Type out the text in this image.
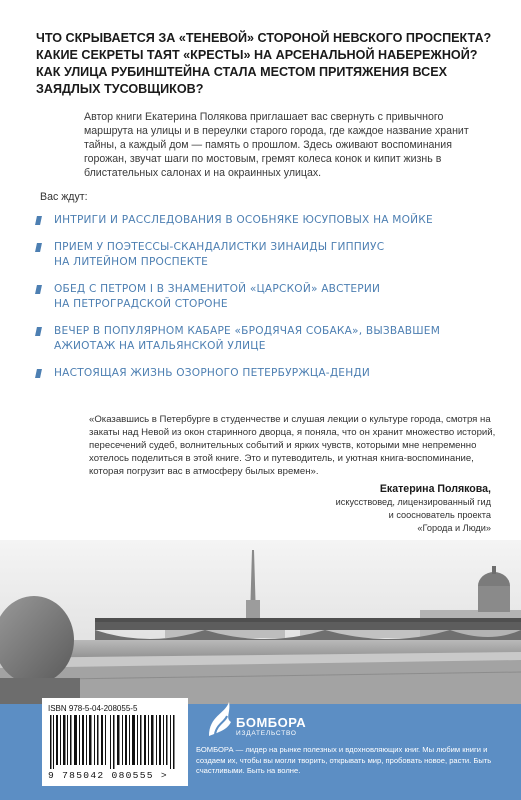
ЧТО СКРЫВАЕТСЯ ЗА «ТЕНЕВОЙ» СТОРОНОЙ НЕВСКОГО ПРОСПЕКТА?
КАКИЕ СЕКРЕТЫ ТАЯТ «КРЕСТЫ» НА АРСЕНАЛЬНОЙ НАБЕРЕЖНОЙ?
КАК УЛИЦА РУБИНШТЕЙНА СТАЛА МЕСТОМ ПРИТЯЖЕНИЯ ВСЕХ
ЗАЯДЛЫХ ТУСОВЩИКОВ?

Автор книги Екатерина Полякова приглашает вас свернуть с привычного маршрута на улицы и в переулки старого города, где каждое название хранит тайны, а каждый дом — память о прошлом. Здесь оживают воспоминания горожан, звучат шаги по мостовым, гремят колеса конок и кипит жизнь в блистательных салонах и на окраинных улицах.

Вас ждут:
ИНТРИГИ И РАССЛЕДОВАНИЯ В ОСОБНЯКЕ ЮСУПОВЫХ НА МОЙКЕ
ПРИЕМ У ПОЭТЕССЫ-СКАНДАЛИСТКИ ЗИНАИДЫ ГИППИУС
НА ЛИТЕЙНОМ ПРОСПЕКТЕ
ОБЕД С ПЕТРОМ I В ЗНАМЕНИТОЙ «ЦАРСКОЙ» АВСТЕРИИ
НА ПЕТРОГРАДСКОЙ СТОРОНЕ
ВЕЧЕР В ПОПУЛЯРНОМ КАБАРЕ «БРОДЯЧАЯ СОБАКА», ВЫЗВАВШЕМ
АЖИОТАЖ НА ИТАЛЬЯНСКОЙ УЛИЦЕ
НАСТОЯЩАЯ ЖИЗНЬ ОЗОРНОГО ПЕТЕРБУРЖЦА-ДЕНДИ

«Оказавшись в Петербурге в студенчестве и слушая лекции о культуре города, смотря на закаты над Невой из окон старинного дворца, я поняла, что он хранит множество историй, пересечений судеб, волнительных событий и ярких чувств, которыми мне непременно хотелось поделиться в этой книге. Это и путеводитель, и уютная книга-воспоминание, которая погрузит вас в атмосферу былых времен».

Екатерина Полякова,
искусствовед, лицензированный гид
и сооснователь проекта
«Города и Люди»
ISBN 978-5-04-208055-5
9 785042 080555 >
БОМБОРА
ИЗДАТЕЛЬСТВО

БОМБОРА — лидер на рынке полезных и вдохновляющих книг. Мы любим книги и создаем их, чтобы вы могли творить, открывать мир, пробовать новое, расти. Быть счастливыми. Быть на волне.
